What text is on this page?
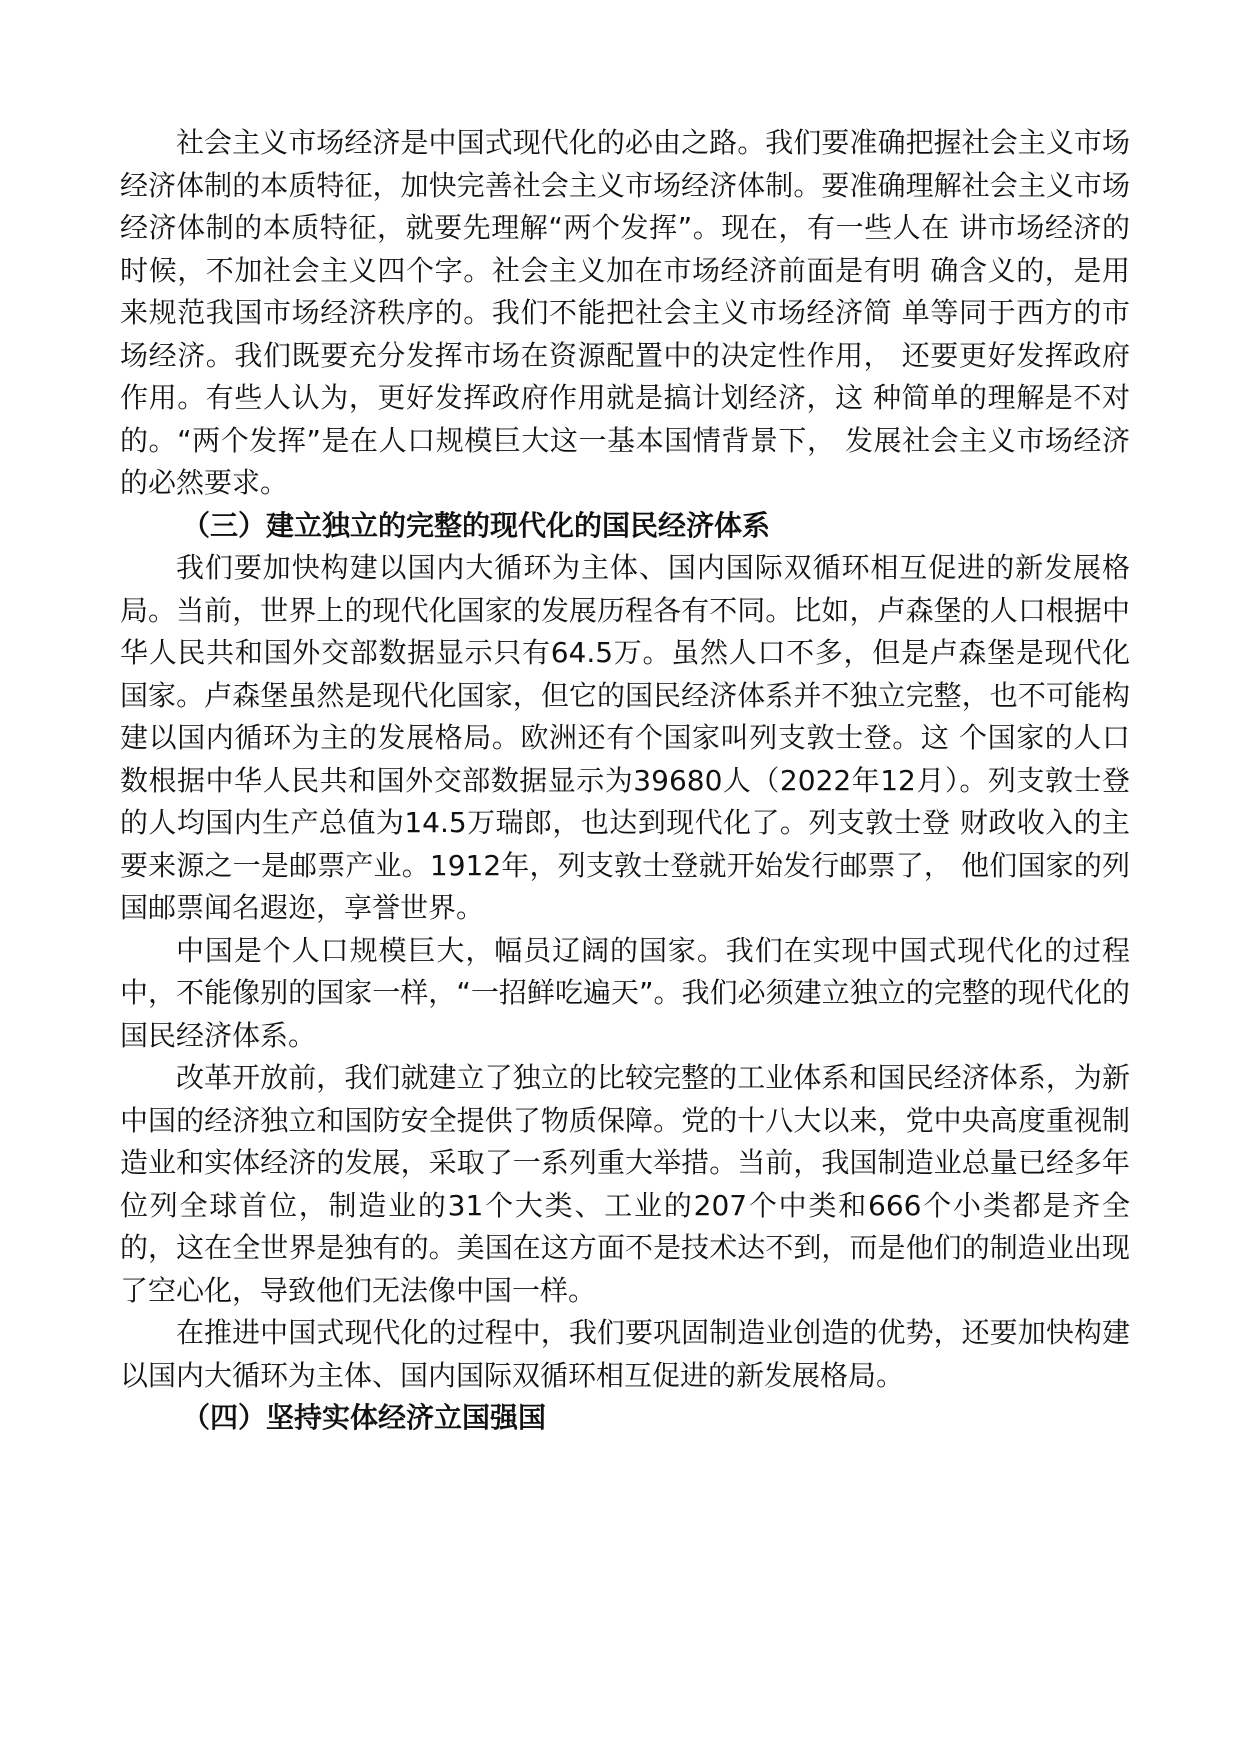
社会主义市场经济是中国式现代化的必由之路。我们要准确把握社会主义市场经济体制的本质特征，加快完善社会主义市场经济体制。要准确理解社会主义市场经济体制的本质特征，就要先理解“两个发挥”。现在，有一些人在 讲市场经济的时候，不加社会主义四个字。社会主义加在市场经济前面是有明 确含义的，是用来规范我国市场经济秩序的。我们不能把社会主义市场经济简 单等同于西方的市场经济。我们既要充分发挥市场在资源配置中的决定性作用， 还要更好发挥政府作用。有些人认为，更好发挥政府作用就是搞计划经济，这 种简单的理解是不对的。“两个发挥”是在人口规模巨大这一基本国情背景下， 发展社会主义市场经济的必然要求。

（三）建立独立的完整的现代化的国民经济体系

我们要加快构建以国内大循环为主体、国内国际双循环相互促进的新发展格局。当前，世界上的现代化国家的发展历程各有不同。比如，卢森堡的人口根据中华人民共和国外交部数据显示只有64.5万。虽然人口不多，但是卢森堡是现代化国家。卢森堡虽然是现代化国家，但它的国民经济体系并不独立完整，也不可能构建以国内循环为主的发展格局。欧洲还有个国家叫列支敦士登。这 个国家的人口数根据中华人民共和国外交部数据显示为39680人（2022年12月）。列支敦士登的人均国内生产总值为14.5万瑞郎，也达到现代化了。列支敦士登 财政收入的主要来源之一是邮票产业。1912年，列支敦士登就开始发行邮票了， 他们国家的列国邮票闻名遐迩，享誉世界。

中国是个人口规模巨大，幅员辽阔的国家。我们在实现中国式现代化的过程中，不能像别的国家一样，“一招鲜吃遍天”。我们必须建立独立的完整的现代化的国民经济体系。

改革开放前，我们就建立了独立的比较完整的工业体系和国民经济体系，为新中国的经济独立和国防安全提供了物质保障。党的十八大以来，党中央高度重视制造业和实体经济的发展，采取了一系列重大举措。当前，我国制造业总量已经多年位列全球首位，制造业的31个大类、工业的207个中类和666个小类都是齐全的，这在全世界是独有的。美国在这方面不是技术达不到，而是他们的制造业出现了空心化，导致他们无法像中国一样。

在推进中国式现代化的过程中，我们要巩固制造业创造的优势，还要加快构建以国内大循环为主体、国内国际双循环相互促进的新发展格局。

（四）坚持实体经济立国强国
